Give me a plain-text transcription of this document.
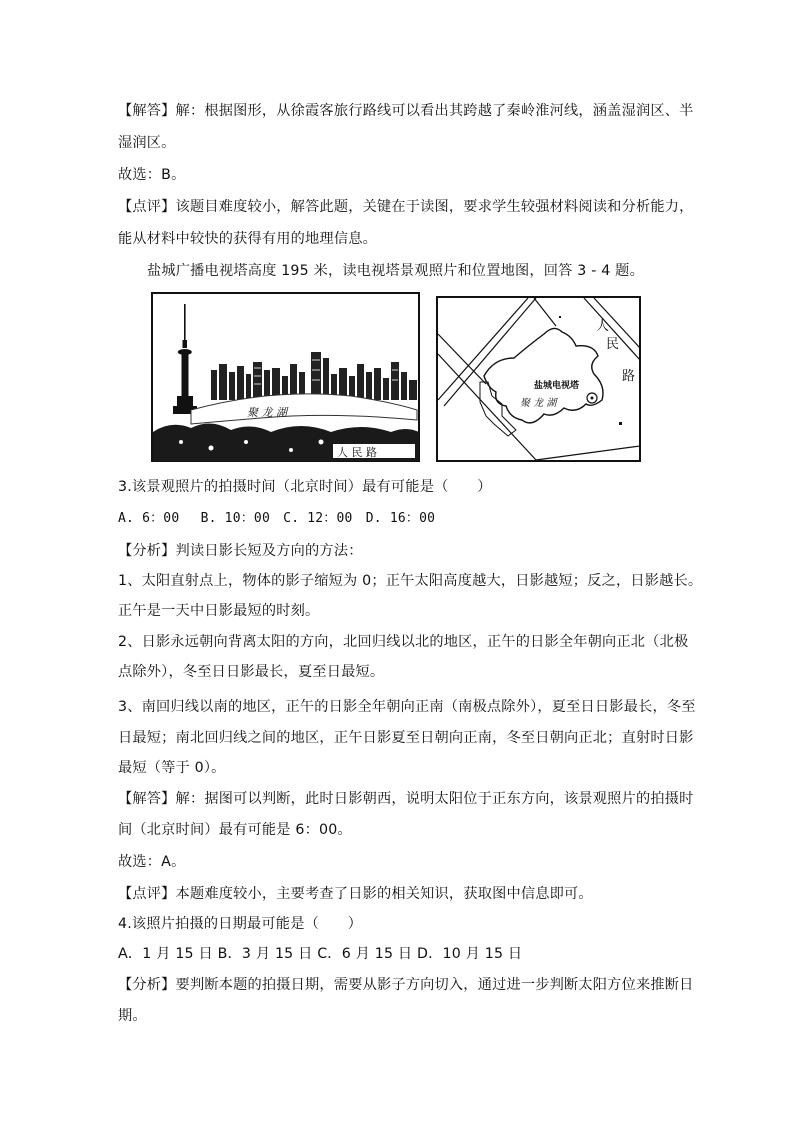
【解答】解：根据图形，从徐霞客旅行路线可以看出其跨越了秦岭淮河线，涵盖湿润区、半
湿润区。
故选：B。
【点评】该题目难度较小，解答此题，关键在于读图，要求学生较强材料阅读和分析能力，
能从材料中较快的获得有用的地理信息。
盐城广播电视塔高度 195 米，读电视塔景观照片和位置地图，回答 3 - 4 题。
聚 龙 湖
人 民 路
盐城电视塔
聚 龙 湖
人
民
路
3.该景观照片的拍摄时间（北京时间）最有可能是（　　）
A. 6：00　 B. 10：00　C. 12：00　D. 16：00
【分析】判读日影长短及方向的方法：
1、太阳直射点上，物体的影子缩短为 0；正午太阳高度越大，日影越短；反之，日影越长。
正午是一天中日影最短的时刻。
2、日影永远朝向背离太阳的方向，北回归线以北的地区，正午的日影全年朝向正北（北极
点除外），冬至日日影最长，夏至日最短。
3、南回归线以南的地区，正午的日影全年朝向正南（南极点除外），夏至日日影最长，冬至
日最短；南北回归线之间的地区，正午日影夏至日朝向正南，冬至日朝向正北；直射时日影
最短（等于 0）。
【解答】解：据图可以判断，此时日影朝西，说明太阳位于正东方向，该景观照片的拍摄时
间（北京时间）最有可能是 6：00。
故选：A。
【点评】本题难度较小，主要考查了日影的相关知识，获取图中信息即可。
4.该照片拍摄的日期最可能是（　　）
A．1 月 15 日 B．3 月 15 日 C．6 月 15 日 D．10 月 15 日
【分析】要判断本题的拍摄日期，需要从影子方向切入，通过进一步判断太阳方位来推断日
期。
